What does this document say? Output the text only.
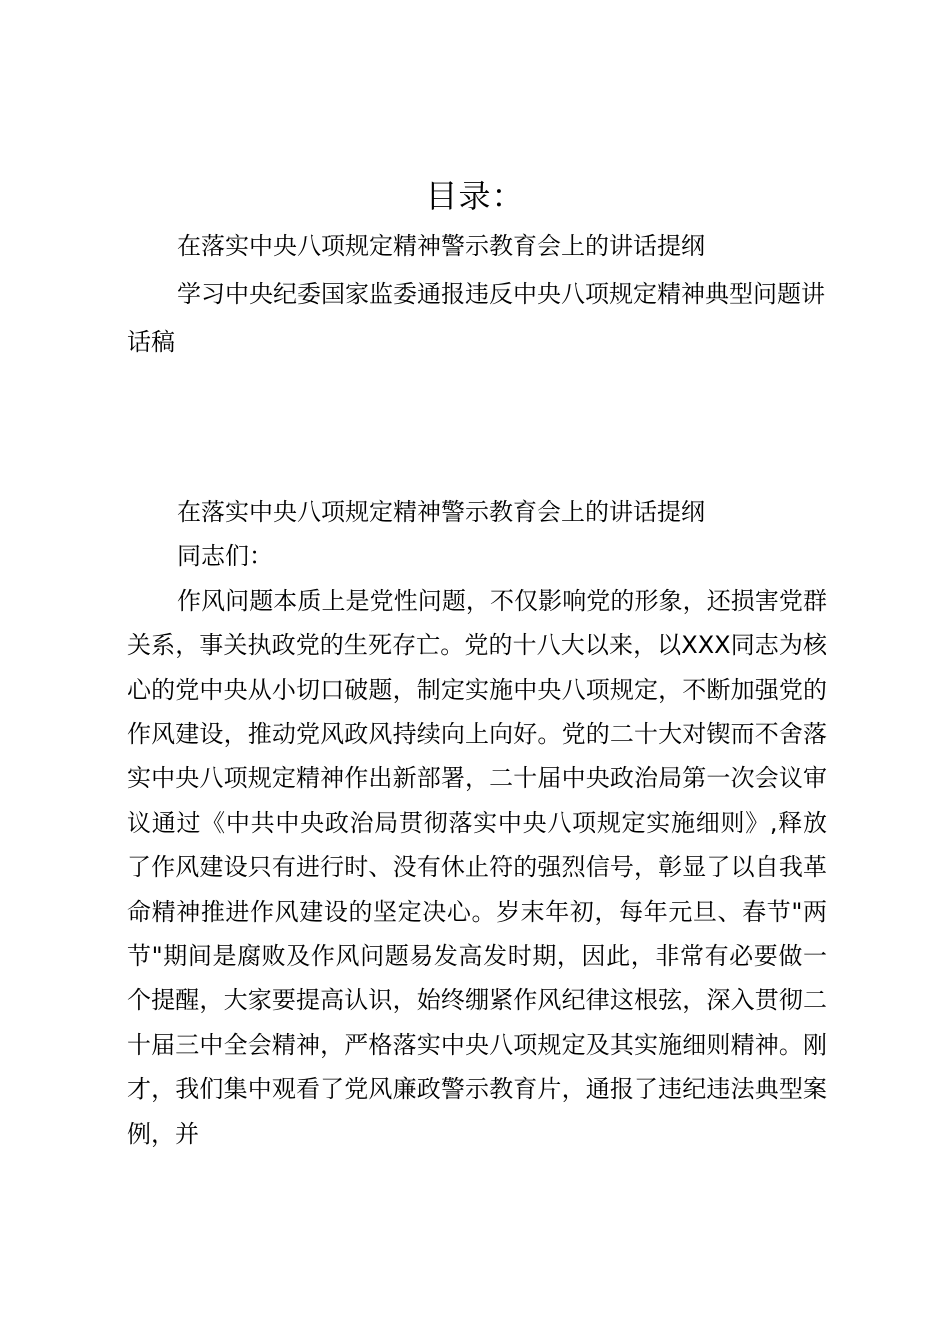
目录：

在落实中央八项规定精神警示教育会上的讲话提纲

学习中央纪委国家监委通报违反中央八项规定精神典型问题讲话稿

在落实中央八项规定精神警示教育会上的讲话提纲

同志们：

作风问题本质上是党性问题，不仅影响党的形象，还损害党群关系，事关执政党的生死存亡。党的十八大以来，以XXX同志为核心的党中央从小切口破题，制定实施中央八项规定，不断加强党的作风建设，推动党风政风持续向上向好。党的二十大对锲而不舍落实中央八项规定精神作出新部署，二十届中央政治局第一次会议审议通过《中共中央政治局贯彻落实中央八项规定实施细则》,释放了作风建设只有进行时、没有休止符的强烈信号，彰显了以自我革命精神推进作风建设的坚定决心。岁末年初，每年元旦、春节"两节"期间是腐败及作风问题易发高发时期，因此，非常有必要做一个提醒，大家要提高认识，始终绷紧作风纪律这根弦，深入贯彻二十届三中全会精神，严格落实中央八项规定及其实施细则精神。刚才，我们集中观看了党风廉政警示教育片，通报了违纪违法典型案例，并
